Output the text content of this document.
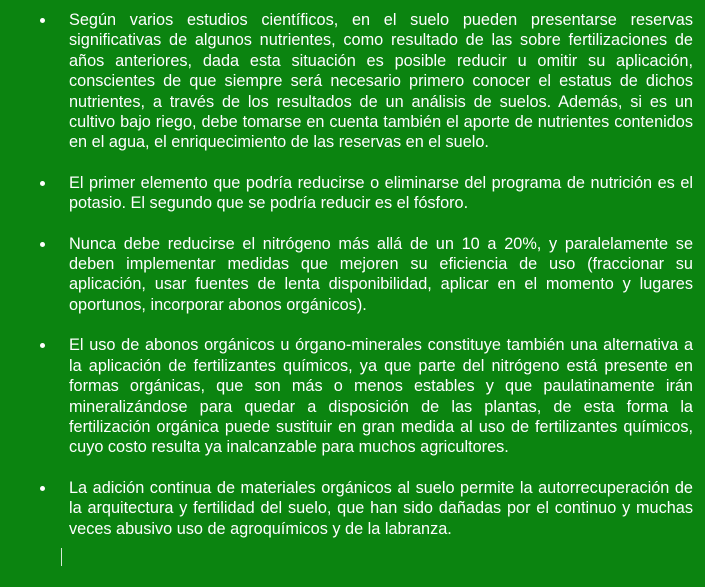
Según varios estudios científicos, en el suelo pueden presentarse reservas significativas de algunos nutrientes, como resultado de las sobre fertilizaciones de años anteriores, dada esta situación es posible reducir u omitir su aplicación, conscientes de que siempre será necesario primero conocer el estatus de dichos nutrientes, a través de los resultados de un análisis de suelos. Además, si es un cultivo bajo riego, debe tomarse en cuenta también el aporte de nutrientes contenidos en el agua, el enriquecimiento de las reservas en el suelo.
El primer elemento que podría reducirse o eliminarse del programa de nutrición es el potasio. El segundo que se podría reducir es el fósforo.
Nunca debe reducirse el nitrógeno más allá de un 10 a 20%, y paralelamente se deben implementar medidas que mejoren su eficiencia de uso (fraccionar su aplicación, usar fuentes de lenta disponibilidad, aplicar en el momento y lugares oportunos, incorporar abonos orgánicos).
El uso de abonos orgánicos u órgano-minerales constituye también una alternativa a la aplicación de fertilizantes químicos, ya que parte del nitrógeno está presente en formas orgánicas, que son más o menos estables y que paulatinamente irán mineralizándose para quedar a disposición de las plantas, de esta forma la fertilización orgánica puede sustituir en gran medida al uso de fertilizantes químicos, cuyo costo resulta ya inalcanzable para muchos agricultores.
La adición continua de materiales orgánicos al suelo permite la autorrecuperación de la arquitectura y fertilidad del suelo, que han sido dañadas por el continuo y muchas veces abusivo uso de agroquímicos y de la labranza.
